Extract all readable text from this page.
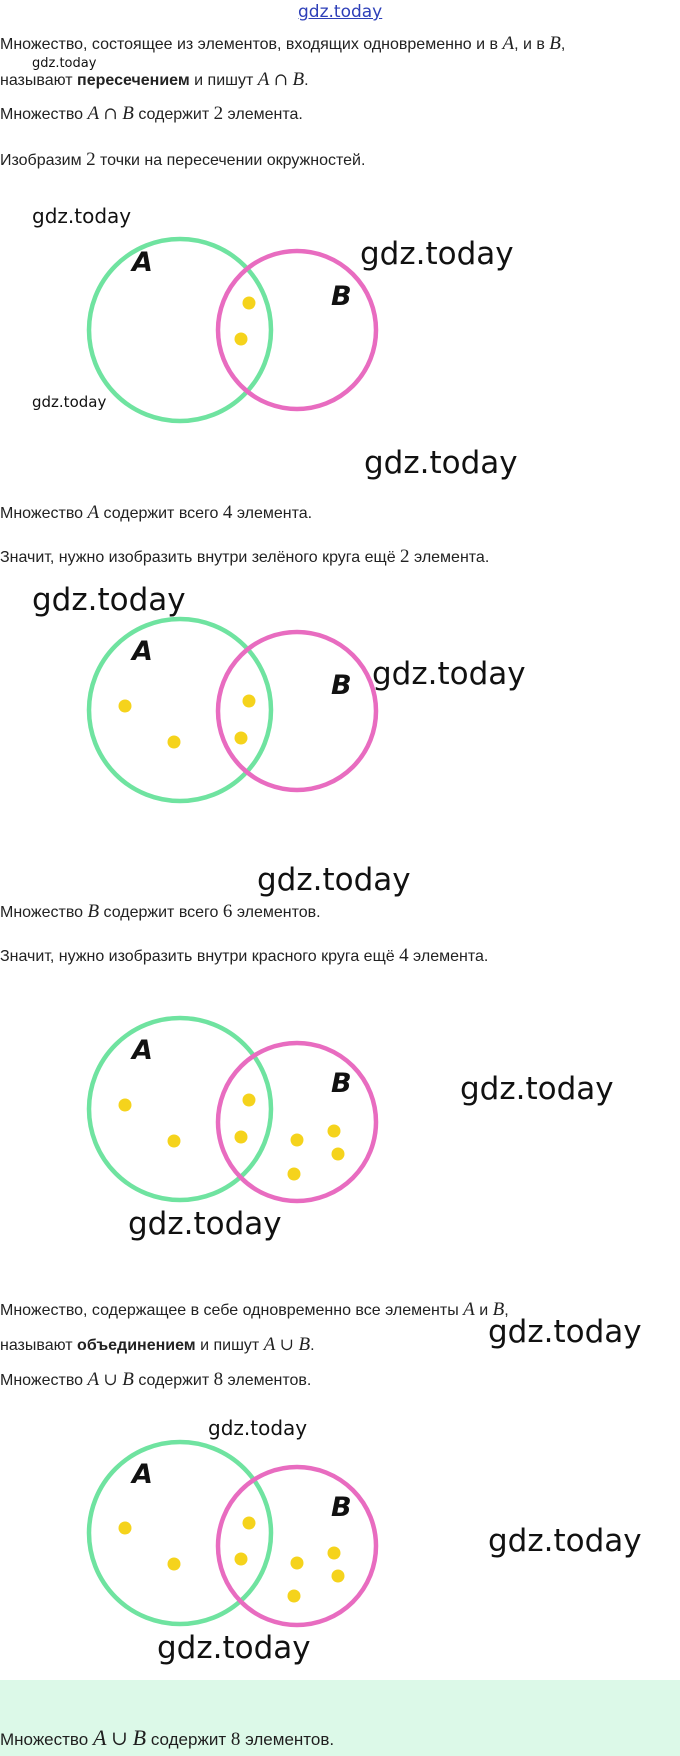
gdz.today
Множество, состоящее из элементов, входящих одновременно и в A, и в B,
gdz.today
называют пересечением и пишут A ∩ B.
Множество A ∩ B содержит 2 элемента.
Изобразим 2 точки на пересечении окружностей.
gdz.today
A
B
gdz.today
gdz.today
gdz.today
Множество A содержит всего 4 элемента.
Значит, нужно изобразить внутри зелёного круга ещё 2 элемента.
gdz.today
A
B gdz.today
gdz.today
Множество B содержит всего 6 элементов.
Значит, нужно изобразить внутри красного круга ещё 4 элемента.
A
B	gdz.today
gdz.today
Множество, содержащее в себе одновременно все элементы A и B,
называют объединением и пишут A ∪ B.	gdz.today
Множество A ∪ B содержит 8 элементов.
gdz.today
A
B
gdz.today
gdz.today
Множество A ∪ B содержит 8 элементов.
